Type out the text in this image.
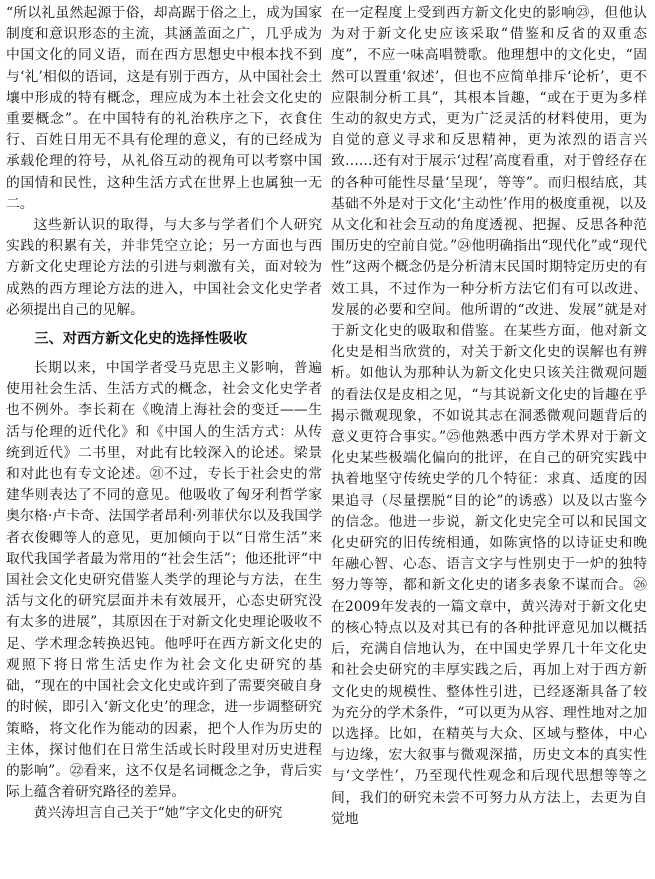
“所以礼虽然起源于俗，却高踞于俗之上，成为国家制度和意识形态的主流，其涵盖面之广，几乎成为中国文化的同义语，而在西方思想史中根本找不到与‘礼’相似的语词，这是有别于西方，从中国社会土壤中形成的特有概念，理应成为本土社会文化史的重要概念”。在中国特有的礼治秩序之下，衣食住行、百姓日用无不具有伦理的意义，有的已经成为承载伦理的符号，从礼俗互动的视角可以考察中国的国情和民性，这种生活方式在世界上也属独一无二。

这些新认识的取得，与大多与学者们个人研究实践的积累有关，并非凭空立论；另一方面也与西方新文化史理论方法的引进与刺激有关，面对较为成熟的西方理论方法的进入，中国社会文化史学者必须提出自己的见解。

三、对西方新文化史的选择性吸收

长期以来，中国学者受马克思主义影响，普遍使用社会生活、生活方式的概念，社会文化史学者也不例外。李长莉在《晚清上海社会的变迁——生活与伦理的近代化》和《中国人的生活方式：从传统到近代》二书里，对此有比较深入的论述。梁景和对此也有专文论述。㉑不过，专长于社会史的常建华则表达了不同的意见。他吸收了匈牙利哲学家奥尔格·卢卡奇、法国学者昂利·列菲伏尔以及我国学者衣俊卿等人的意见，更加倾向于以“日常生活”来取代我国学者最为常用的“社会生活”；他还批评“中国社会文化史研究借鉴人类学的理论与方法，在生活与文化的研究层面并未有效展开，心态史研究没有太多的进展”，其原因在于对新文化史理论吸收不足、学术理念转换迟钝。他呼吁在西方新文化史的观照下将日常生活史作为社会文化史研究的基础，“现在的中国社会文化史或许到了需要突破自身的时候，即引入‘新文化史’的理念，进一步调整研究策略，将文化作为能动的因素，把个人作为历史的主体，探讨他们在日常生活或长时段里对历史进程的影响”。㉒看来，这不仅是名词概念之争，背后实际上蕴含着研究路径的差异。

黄兴涛坦言自己关于“她”字文化史的研究

在一定程度上受到西方新文化史的影响㉓，但他认为对于新文化史应该采取“借鉴和反省的双重态度”，不应一味高唱赞歌。他理想中的文化史，“固然可以置重‘叙述’，但也不应简单排斥‘论析’，更不应限制分析工具”，其根本旨趣，“或在于更为多样生动的叙史方式，更为广泛灵活的材料使用，更为自觉的意义寻求和反思精神，更为浓烈的语言兴致……还有对于展示‘过程’高度看重，对于曾经存在的各种可能性尽量‘呈现’，等等”。而归根结底，其基础不外是对于文化‘主动性’作用的极度重视，以及从文化和社会互动的角度透视、把握、反思各种范围历史的空前自觉。”㉔他明确指出“现代化”或“现代性”这两个概念仍是分析清末民国时期特定历史的有效工具，不过作为一种分析方法它们有可以改进、发展的必要和空间。他所谓的“改进、发展”就是对于新文化史的吸取和借鉴。在某些方面，他对新文化史是相当欣赏的，对关于新文化史的误解也有辨析。如他认为那种认为新文化史只该关注微观问题的看法仅是皮相之见，“与其说新文化史的旨趣在乎揭示微观现象，不如说其志在洞悉微观问题背后的意义更符合事实。”㉕他熟悉中西方学术界对于新文化史某些极端化偏向的批评，在自己的研究实践中执着地坚守传统史学的几个特征：求真、适度的因果追寻（尽量摆脱“目的论”的诱惑）以及以古鉴今的信念。他进一步说，新文化史完全可以和民国文化史研究的旧传统相通，如陈寅恪的以诗证史和晚年融心智、心态、语言文字与性别史于一炉的独特努力等等，都和新文化史的诸多表象不谋而合。㉖在2009年发表的一篇文章中，黄兴涛对于新文化史的核心特点以及对其已有的各种批评意见加以概括后，充满自信地认为，在中国史学界几十年文化史和社会史研究的丰厚实践之后，再加上对于西方新文化史的规模性、整体性引进，已经逐渐具备了较为充分的学术条件，“可以更为从容、理性地对之加以选择。比如，在精英与大众、区域与整体，中心与边缘，宏大叙事与微观深描，历史文本的真实性与‘文学性’，乃至现代性观念和后现代思想等等之间，我们的研究未尝不可努力从方法上，去更为自觉地
